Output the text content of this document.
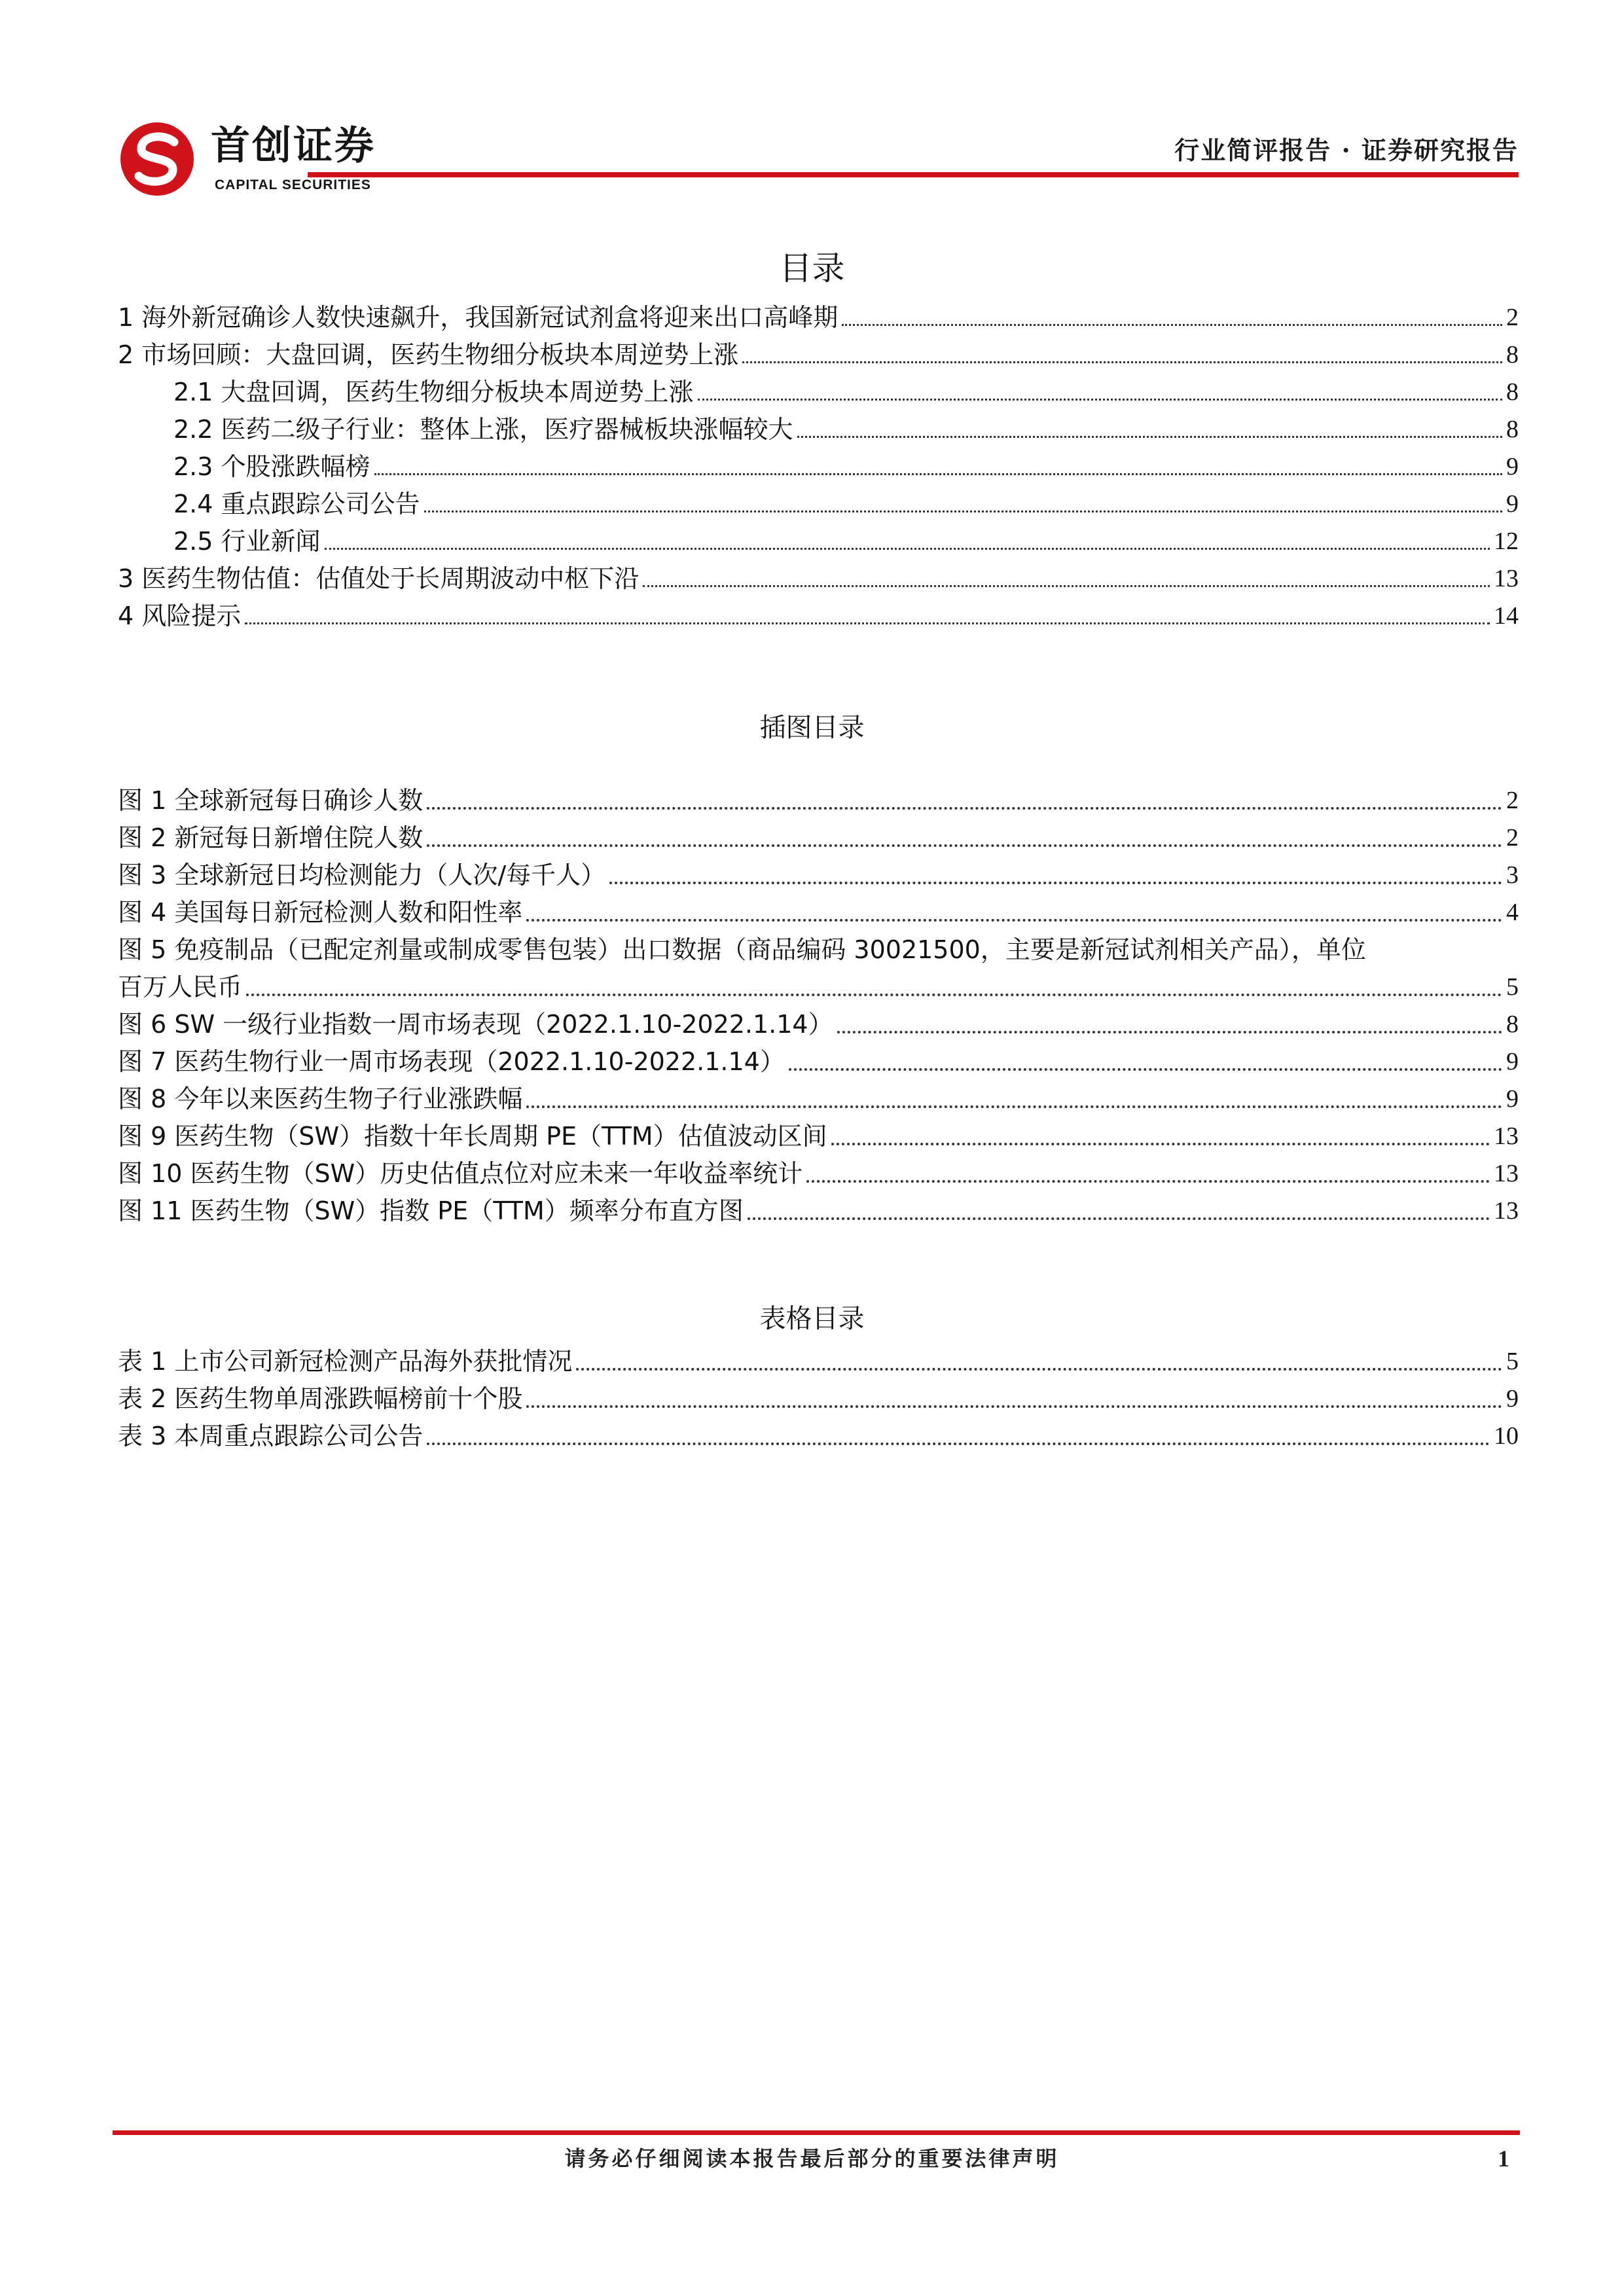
首创证券
CAPITAL SECURITIES
行业简评报告 · 证券研究报告
目录
1 海外新冠确诊人数快速飙升，我国新冠试剂盒将迎来出口高峰期	2
2 市场回顾：大盘回调，医药生物细分板块本周逆势上涨	8
2.1 大盘回调，医药生物细分板块本周逆势上涨	8
2.2 医药二级子行业：整体上涨，医疗器械板块涨幅较大	8
2.3 个股涨跌幅榜	9
2.4 重点跟踪公司公告	9
2.5 行业新闻	12
3 医药生物估值：估值处于长周期波动中枢下沿	13
4 风险提示	14
插图目录
图 1 全球新冠每日确诊人数	2
图 2 新冠每日新增住院人数	2
图 3 全球新冠日均检测能力（人次/每千人）	3
图 4 美国每日新冠检测人数和阳性率	4
图 5 免疫制品（已配定剂量或制成零售包装）出口数据（商品编码 30021500，主要是新冠试剂相关产品），单位
百万人民币	5
图 6 SW 一级行业指数一周市场表现（2022.1.10-2022.1.14）	8
图 7 医药生物行业一周市场表现（2022.1.10-2022.1.14）	9
图 8 今年以来医药生物子行业涨跌幅	9
图 9 医药生物（SW）指数十年长周期 PE（TTM）估值波动区间	13
图 10 医药生物（SW）历史估值点位对应未来一年收益率统计	13
图 11 医药生物（SW）指数 PE（TTM）频率分布直方图	13
表格目录
表 1 上市公司新冠检测产品海外获批情况	5
表 2 医药生物单周涨跌幅榜前十个股	9
表 3 本周重点跟踪公司公告	10
请务必仔细阅读本报告最后部分的重要法律声明	1
